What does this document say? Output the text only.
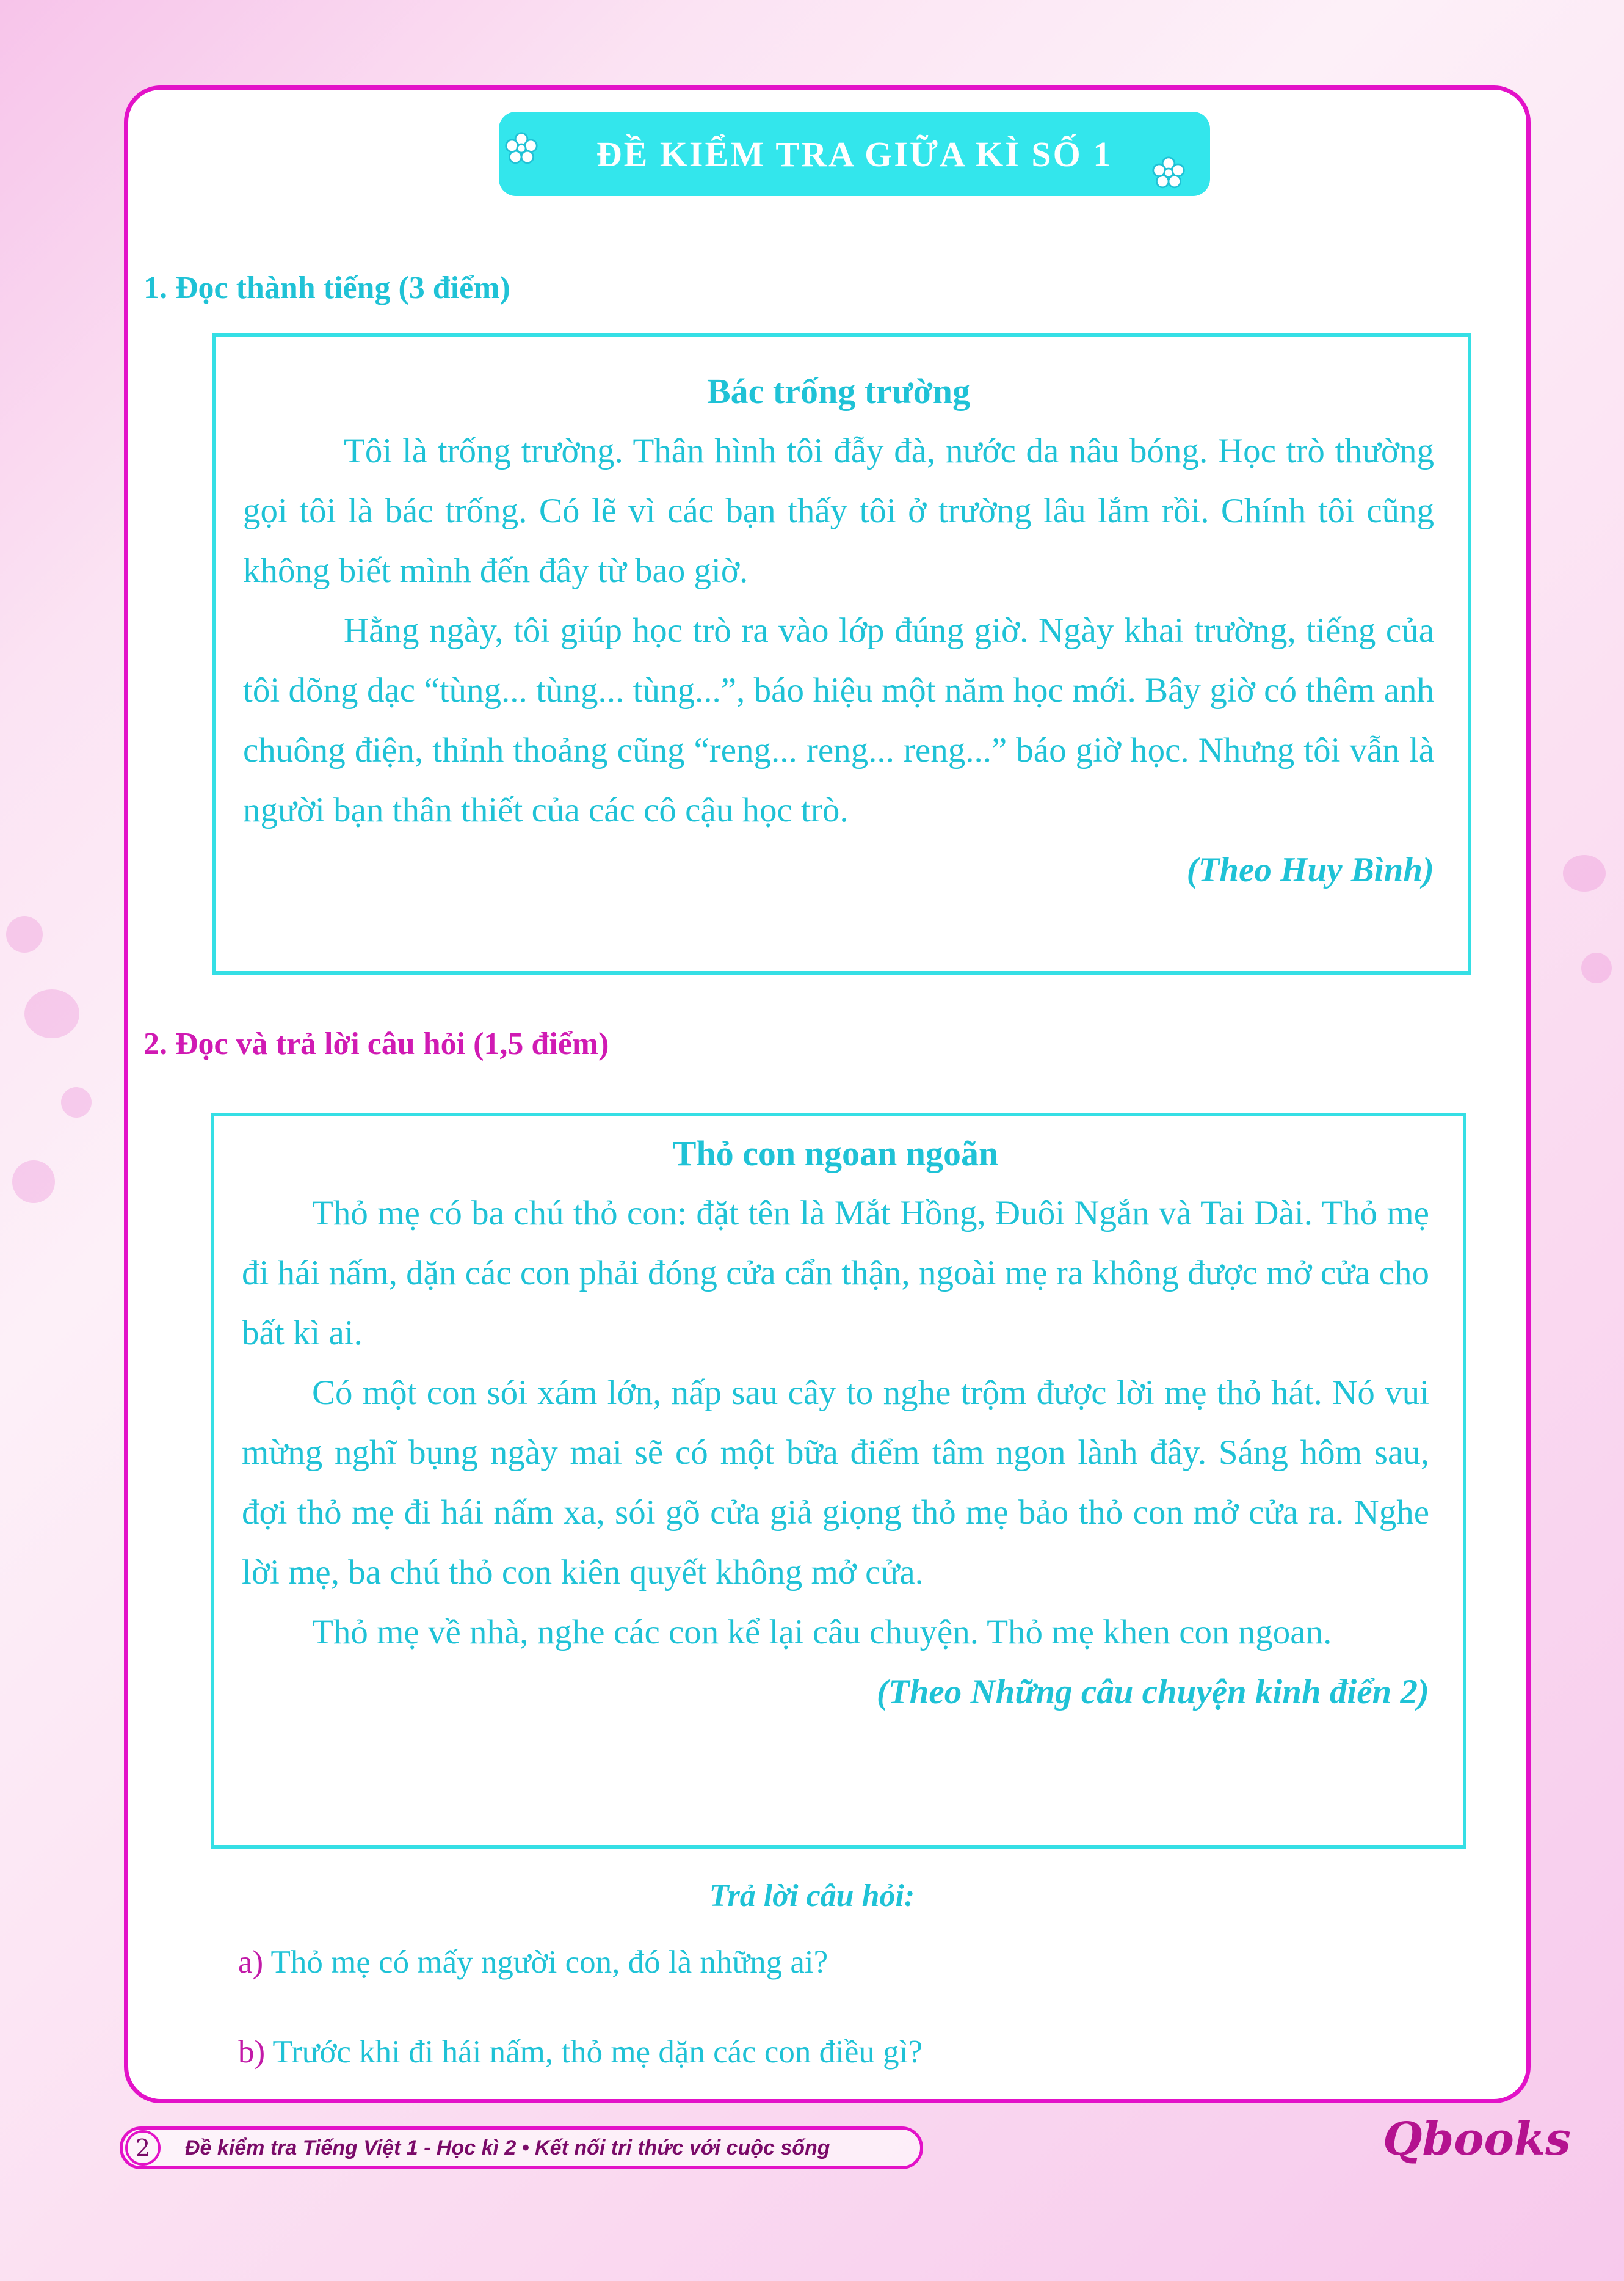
ĐỀ KIỂM TRA GIỮA KÌ SỐ 1
1. Đọc thành tiếng (3 điểm)
Bác trống trường

Tôi là trống trường. Thân hình tôi đẫy đà, nước da nâu bóng. Học trò thường gọi tôi là bác trống. Có lẽ vì các bạn thấy tôi ở trường lâu lắm rồi. Chính tôi cũng không biết mình đến đây từ bao giờ.

Hằng ngày, tôi giúp học trò ra vào lớp đúng giờ. Ngày khai trường, tiếng của tôi dõng dạc “tùng... tùng... tùng...”, báo hiệu một năm học mới. Bây giờ có thêm anh chuông điện, thỉnh thoảng cũng “reng... reng... reng...” báo giờ học. Nhưng tôi vẫn là người bạn thân thiết của các cô cậu học trò.

(Theo Huy Bình)
2. Đọc và trả lời câu hỏi (1,5 điểm)
Thỏ con ngoan ngoãn

Thỏ mẹ có ba chú thỏ con: đặt tên là Mắt Hồng, Đuôi Ngắn và Tai Dài. Thỏ mẹ đi hái nấm, dặn các con phải đóng cửa cẩn thận, ngoài mẹ ra không được mở cửa cho bất kì ai.

Có một con sói xám lớn, nấp sau cây to nghe trộm được lời mẹ thỏ hát. Nó vui mừng nghĩ bụng ngày mai sẽ có một bữa điểm tâm ngon lành đây. Sáng hôm sau, đợi thỏ mẹ đi hái nấm xa, sói gõ cửa giả giọng thỏ mẹ bảo thỏ con mở cửa ra. Nghe lời mẹ, ba chú thỏ con kiên quyết không mở cửa.

Thỏ mẹ về nhà, nghe các con kể lại câu chuyện. Thỏ mẹ khen con ngoan.

(Theo Những câu chuyện kinh điển 2)
Trả lời câu hỏi:
a) Thỏ mẹ có mấy người con, đó là những ai?
b) Trước khi đi hái nấm, thỏ mẹ dặn các con điều gì?
2	Đề kiểm tra Tiếng Việt 1 - Học kì 2 • Kết nối tri thức với cuộc sống	Qbooks
